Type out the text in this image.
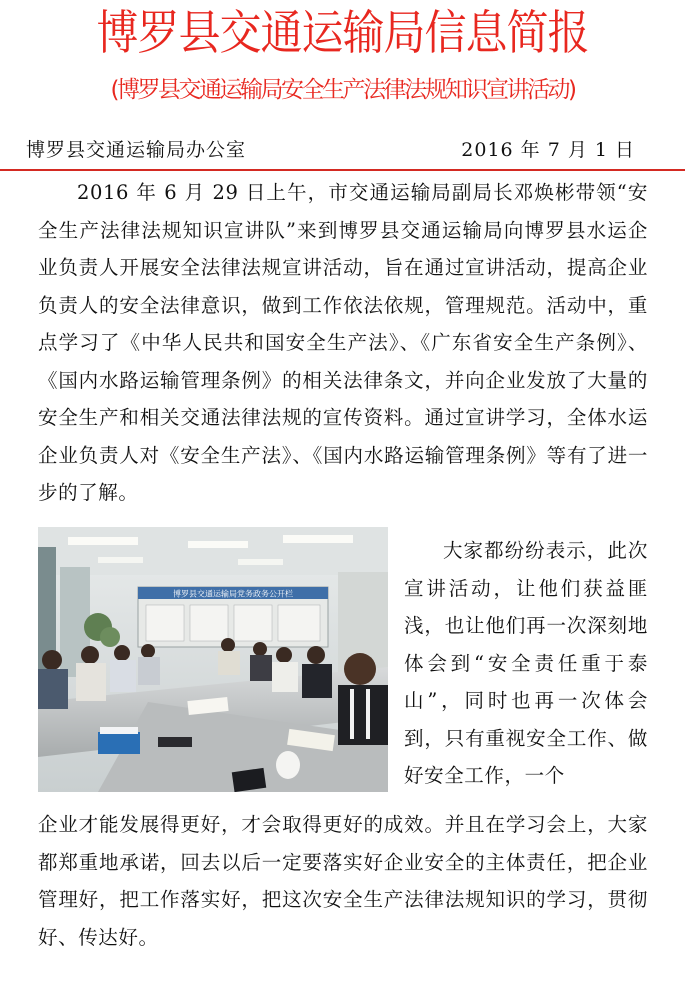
博罗县交通运输局信息简报
(博罗县交通运输局安全生产法律法规知识宣讲活动)
博罗县交通运输局办公室	2016 年 7 月 1 日
2016 年 6 月 29 日上午，市交通运输局副局长邓焕彬带领“安全生产法律法规知识宣讲队”来到博罗县交通运输局向博罗县水运企业负责人开展安全法律法规宣讲活动，旨在通过宣讲活动，提高企业负责人的安全法律意识，做到工作依法依规，管理规范。活动中，重点学习了《中华人民共和国安全生产法》、《广东省安全生产条例》、《国内水路运输管理条例》的相关法律条文，并向企业发放了大量的安全生产和相关交通法律法规的宣传资料。通过宣讲学习，全体水运企业负责人对《安全生产法》、《国内水路运输管理条例》等有了进一步的了解。
博罗县交通运输局党务政务公开栏
大家都纷纷表示，此次宣讲活动，让他们获益匪浅，也让他们再一次深刻地体会到“安全责任重于泰山”，同时也再一次体会到，只有重视安全工作、做好安全工作，一个
企业才能发展得更好，才会取得更好的成效。并且在学习会上，大家都郑重地承诺，回去以后一定要落实好企业安全的主体责任，把企业管理好，把工作落实好，把这次安全生产法律法规知识的学习，贯彻好、传达好。
